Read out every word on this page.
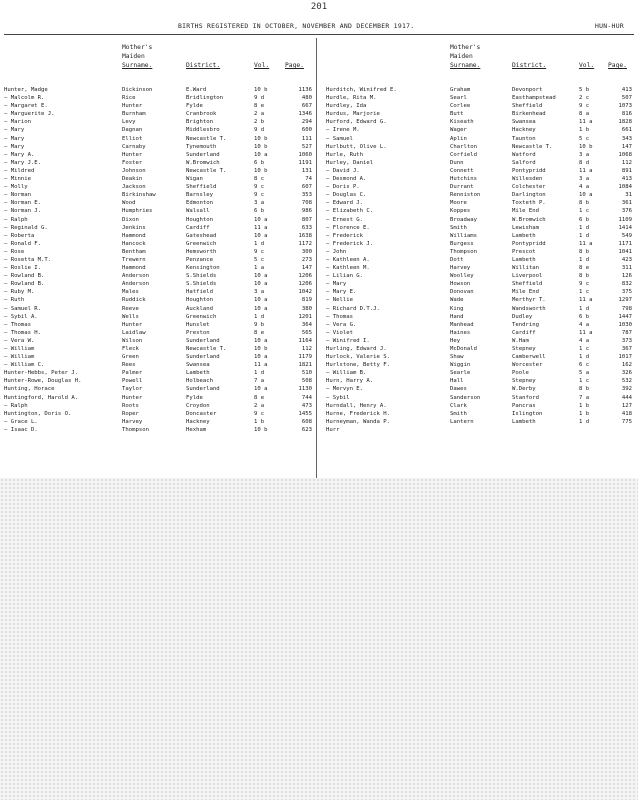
201
BIRTHS REGISTERED IN OCTOBER, NOVEMBER AND DECEMBER 1917.	HUN-HUR
Mother's
Maiden
Surname.	District.	Vol.	Page.
Mother's
Maiden
Surname.	District.	Vol. Page.
Hunter, Madge	Dickinson	E.Ward	10 b	1136
— Malcolm R.	Rice	Bridlington	9 d	480
— Margaret E.	Hunter	Fylde	8 e	667
— Marguerite J.	Burnham	Cranbrook	2 a	1346
— Marion	Levy	Brighton	2 b	294
— Mary	Dagnan	Middlesbro	9 d	600
— Mary	Elliot	Newcastle T.	10 b	111
— Mary	Carnaby	Tynemouth	10 b	527
— Mary A.	Hunter	Sunderland	10 a	1060
— Mary J.E.	Foster	W.Bromwich	6 b	1191
— Mildred	Johnson	Newcastle T.	10 b	131
— Minnie	Deakin	Wigan	8 c	74
— Molly	Jackson	Sheffield	9 c	607
— Norman	Birkinshaw	Barnsley	9 c	353
— Norman E.	Wood	Edmonton	3 a	708
— Norman J.	Humphries	Walsall	6 b	986
— Ralph	Dixon	Houghton	10 a	807
— Reginald G.	Jenkins	Cardiff	11 a	633
— Roberta	Hammond	Gateshead	10 a	1638
— Ronald F.	Hancock	Greenwich	1 d	1172
— Rose	Bentham	Hemsworth	9 c	300
— Rosetta M.T.	Trewern	Penzance	5 c	273
— Roslie I.	Hammond	Kensington	1 a	147
— Rowland B.	Anderson	S.Shields	10 a	1206
— Rowland B.	Anderson	S.Shields	10 a	1206
— Ruby M.	Males	Hatfield	3 a	1042
— Ruth	Ruddick	Houghton	10 a	819
— Samuel R.	Reeve	Auckland	10 a	380
— Sybil A.	Wells	Greenwich	1 d	1201
— Thomas	Hunter	Hunslet	9 b	364
— Thomas H.	Laidlaw	Preston	8 e	565
— Vera W.	Wilson	Sunderland	10 a	1164
— William	Fleck	Newcastle T.	10 b	112
— William	Green	Sunderland	10 a	1179
— William C.	Rees	Swansea	11 a	1821
Hunter-Hebbs, Peter J.	Palmer	Lambeth	1 d	510
Hunter-Rowe, Douglas H.	Powell	Holbeach	7 a	508
Hunting, Horace	Taylor	Sunderland	10 a	1130
Huntingford, Harold A.	Hunter	Fylde	8 e	744
— Ralph	Roots	Croydon	2 a	473
Huntington, Doris O.	Roper	Doncaster	9 c	1455
— Grace L.	Harvey	Hackney	1 b	608
— Isaac D.	Thompson	Hexham	10 b	623
Hurditch, Winifred E.	Graham	Devonport	5 b	413
Hurdle, Rita M.	Searl	Easthampstead	2 c	507
Hurdley, Ida	Corlee	Sheffield	9 c	1073
Hurdus, Marjorie	Butt	Birkenhead	8 a	816
Hurford, Edward G.	Kiseath	Swansea	11 a	1828
— Irene M.	Wager	Hackney	1 b	661
— Samuel	Aplin	Taunton	5 c	343
Hurlbutt, Olive L.	Charlton	Newcastle T.	10 b	147
Hurle, Ruth	Corfield	Watford	3 a	1068
Hurley, Daniel	Dunn	Salford	8 d	112
— David J.	Connett	Pontypridd	11 a	891
— Desmond A.	Hutchins	Willesden	3 a	413
— Doris P.	Durrant	Colchester	4 a	1084
— Douglas C.	Renniston	Darlington	10 a	31
— Edward J.	Moore	Toxteth P.	8 b	361
— Elizabeth C.	Koppes	Mile End	1 c	376
— Ernest G.	Broadway	W.Bromwich	6 b	1109
— Florence E.	Smith	Lewisham	1 d	1414
— Frederick	Williams	Lambeth	1 d	549
— Frederick J.	Burgess	Pontypridd	11 a	1171
— John	Thompson	Prescot	8 b	1041
— Kathleen A.	Dott	Lambeth	1 d	423
— Kathleen M.	Harvey	Willitan	8 e	311
— Lilian G.	Woolley	Liverpool	8 b	126
— Mary	Howson	Sheffield	9 c	832
— Mary E.	Donovan	Mile End	1 c	375
— Nellie	Wade	Merthyr T.	11 a	1297
— Richard D.T.J.	King	Wandsworth	1 d	798
— Thomas	Hand	Dudley	6 b	1447
— Vera G.	Manhead	Tendring	4 a	1030
— Violet	Haines	Cardiff	11 a	787
— Winifred I.	Hey	W.Ham	4 a	373
Hurling, Edward J.	McDonald	Stepney	1 c	367
Hurlock, Valerie S.	Shaw	Camberwell	1 d	1017
Hurlstone, Betty F.	Wiggin	Worcester	6 c	162
— William B.	Searle	Poole	5 a	326
Hurn, Harry A.	Hall	Stepney	1 c	532
— Mervyn E.	Dawes	W.Derby	8 b	392
— Sybil	Sanderson	Stanford	7 a	444
Hurndall, Henry A.	Clark	Pancras	1 b	127
Hurne, Frederick H.	Smith	Islington	1 b	418
Hurneyman, Wanda P.	Lantern	Lambeth	1 d	775
Hurr
